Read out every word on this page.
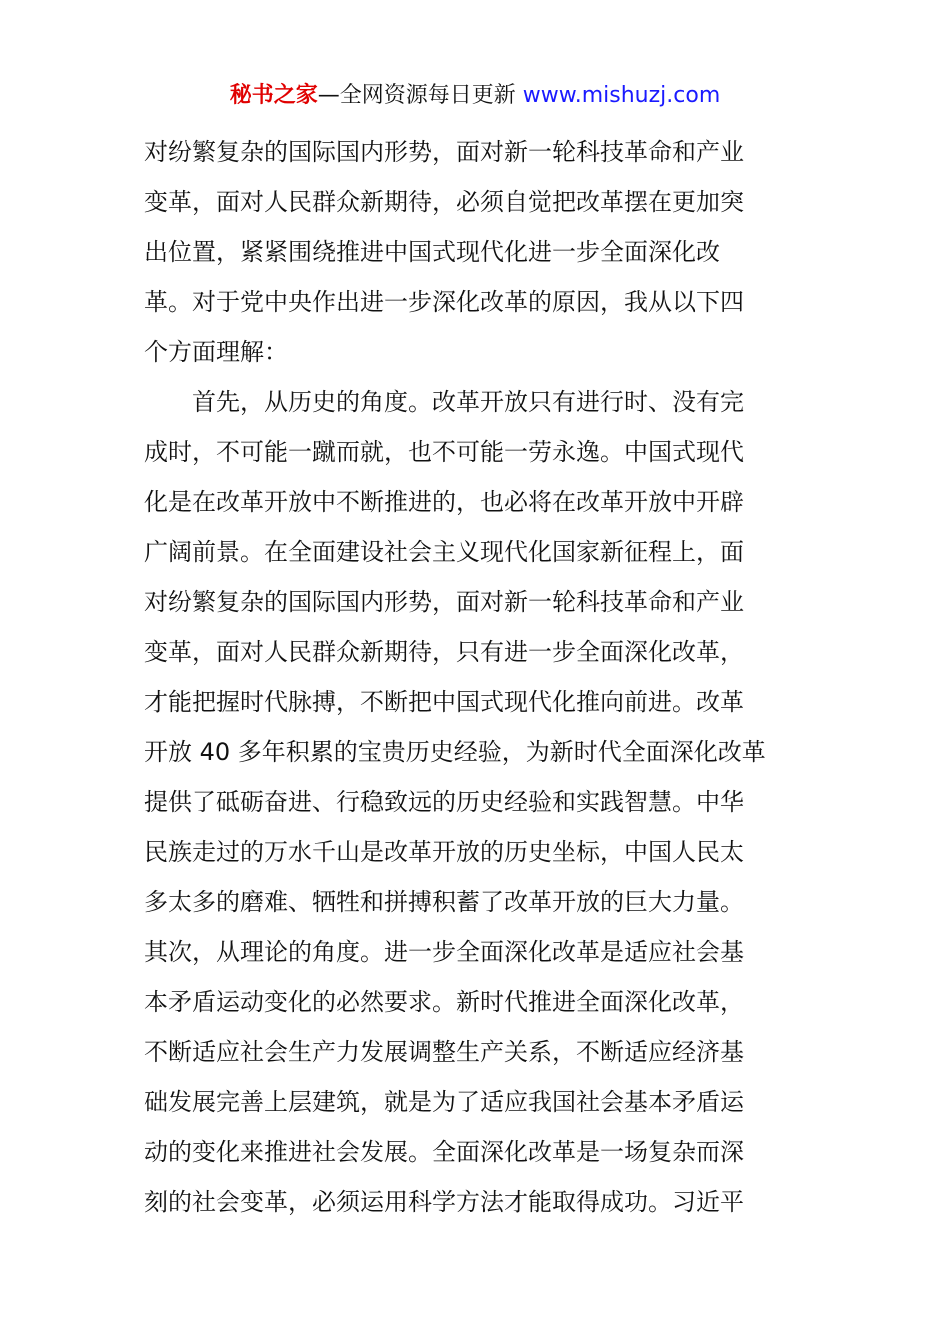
秘书之家—全网资源每日更新 www.mishuzj.com
对纷繁复杂的国际国内形势，面对新一轮科技革命和产业
变革，面对人民群众新期待，必须自觉把改革摆在更加突
出位置，紧紧围绕推进中国式现代化进一步全面深化改
革。对于党中央作出进一步深化改革的原因，我从以下四
个方面理解：
　　首先，从历史的角度。改革开放只有进行时、没有完
成时，不可能一蹴而就，也不可能一劳永逸。中国式现代
化是在改革开放中不断推进的，也必将在改革开放中开辟
广阔前景。在全面建设社会主义现代化国家新征程上，面
对纷繁复杂的国际国内形势，面对新一轮科技革命和产业
变革，面对人民群众新期待，只有进一步全面深化改革，
才能把握时代脉搏，不断把中国式现代化推向前进。改革
开放 40 多年积累的宝贵历史经验，为新时代全面深化改革
提供了砥砺奋进、行稳致远的历史经验和实践智慧。中华
民族走过的万水千山是改革开放的历史坐标，中国人民太
多太多的磨难、牺牲和拼搏积蓄了改革开放的巨大力量。
其次，从理论的角度。进一步全面深化改革是适应社会基
本矛盾运动变化的必然要求。新时代推进全面深化改革，
不断适应社会生产力发展调整生产关系，不断适应经济基
础发展完善上层建筑，就是为了适应我国社会基本矛盾运
动的变化来推进社会发展。全面深化改革是一场复杂而深
刻的社会变革，必须运用科学方法才能取得成功。习近平
